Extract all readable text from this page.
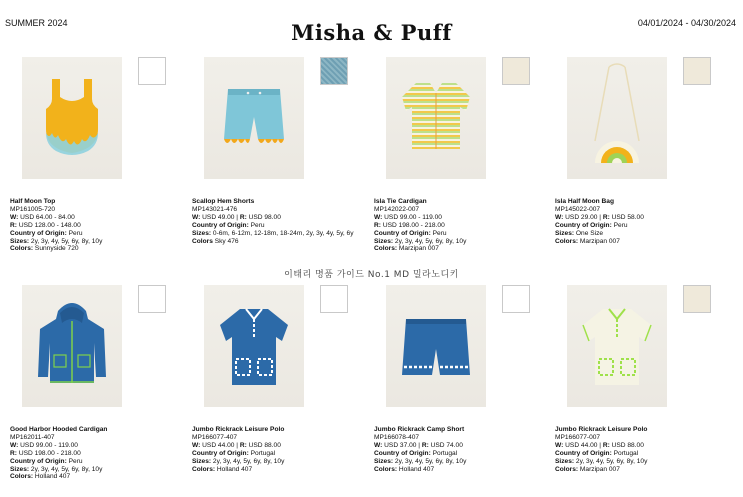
SUMMER 2024	Misha & Puff	04/01/2024 - 04/30/2024
이태리 명품 가이드 No.1 MD 밀라노디키
Half Moon Top
MP161005-720
W: USD 64.00 - 84.00
R: USD 128.00 - 148.00
Country of Origin: Peru
Sizes: 2y, 3y, 4y, 5y, 6y, 8y, 10y
Colors: Sunnyside 720
Scallop Hem Shorts
MP143021-476
W: USD 49.00 | R: USD 98.00
Country of Origin: Peru
Sizes: 0-6m, 6-12m, 12-18m, 18-24m, 2y, 3y, 4y, 5y, 6y
Colors Sky 476
Isla Tie Cardigan
MP142022-007
W: USD 99.00 - 119.00
R: USD 198.00 - 218.00
Country of Origin: Peru
Sizes: 2y, 3y, 4y, 5y, 6y, 8y, 10y
Colors: Marzipan 007
Isla Half Moon Bag
MP145022-007
W: USD 29.00 | R: USD 58.00
Country of Origin: Peru
Sizes: One Size
Colors: Marzipan 007
Good Harbor Hooded Cardigan
MP162011-407
W: USD 99.00 - 119.00
R: USD 198.00 - 218.00
Country of Origin: Peru
Sizes: 2y, 3y, 4y, 5y, 6y, 8y, 10y
Colors: Holland 407
Jumbo Rickrack Leisure Polo
MP166077-407
W: USD 44.00 | R: USD 88.00
Country of Origin: Portugal
Sizes: 2y, 3y, 4y, 5y, 6y, 8y, 10y
Colors: Holland 407
Jumbo Rickrack Camp Short
MP166078-407
W: USD 37.00 | R: USD 74.00
Country of Origin: Portugal
Sizes: 2y, 3y, 4y, 5y, 6y, 8y, 10y
Colors: Holland 407
Jumbo Rickrack Leisure Polo
MP166077-007
W: USD 44.00 | R: USD 88.00
Country of Origin: Portugal
Sizes: 2y, 3y, 4y, 5y, 6y, 8y, 10y
Colors: Marzipan 007
